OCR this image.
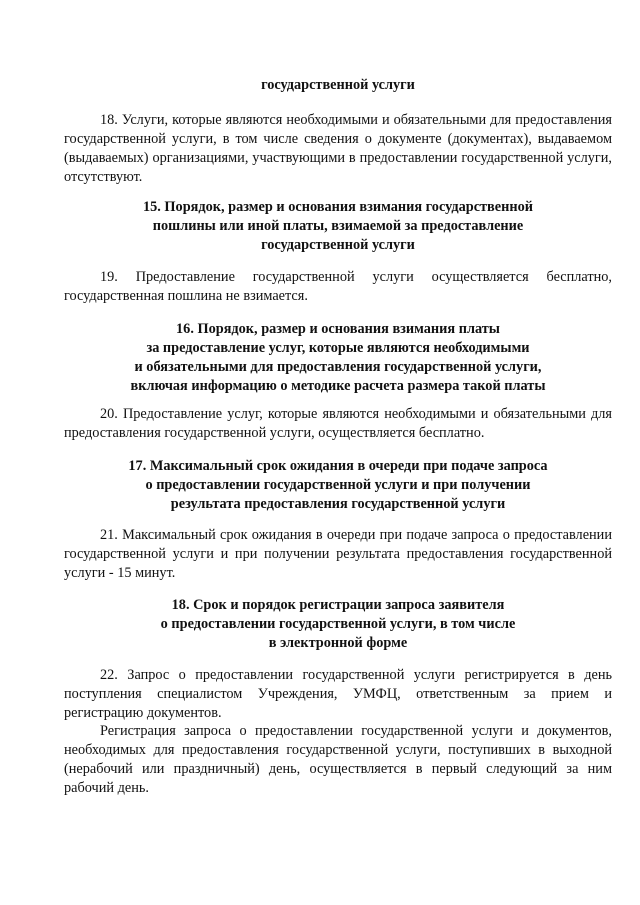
государственной услуги
18. Услуги, которые являются необходимыми и обязательными для предоставления государственной услуги, в том числе сведения о документе (документах), выдаваемом (выдаваемых) организациями, участвующими в предоставлении государственной услуги, отсутствуют.
15. Порядок, размер и основания взимания государственной
пошлины или иной платы, взимаемой за предоставление
государственной услуги
19. Предоставление государственной услуги осуществляется бесплатно, государственная пошлина не взимается.
16. Порядок, размер и основания взимания платы
за предоставление услуг, которые являются необходимыми
и обязательными для предоставления государственной услуги,
включая информацию о методике расчета размера такой платы
20. Предоставление услуг, которые являются необходимыми и обязательными для предоставления государственной услуги, осуществляется бесплатно.
17. Максимальный срок ожидания в очереди при подаче запроса
о предоставлении государственной услуги и при получении
результата предоставления государственной услуги
21. Максимальный срок ожидания в очереди при подаче запроса о предоставлении государственной услуги и при получении результата предоставления государственной услуги - 15 минут.
18. Срок и порядок регистрации запроса заявителя
о предоставлении государственной услуги, в том числе
в электронной форме
22. Запрос о предоставлении государственной услуги регистрируется в день поступления специалистом Учреждения, УМФЦ, ответственным за прием и регистрацию документов.
Регистрация запроса о предоставлении государственной услуги и документов, необходимых для предоставления государственной услуги, поступивших в выходной (нерабочий или праздничный) день, осуществляется в первый следующий за ним рабочий день.
